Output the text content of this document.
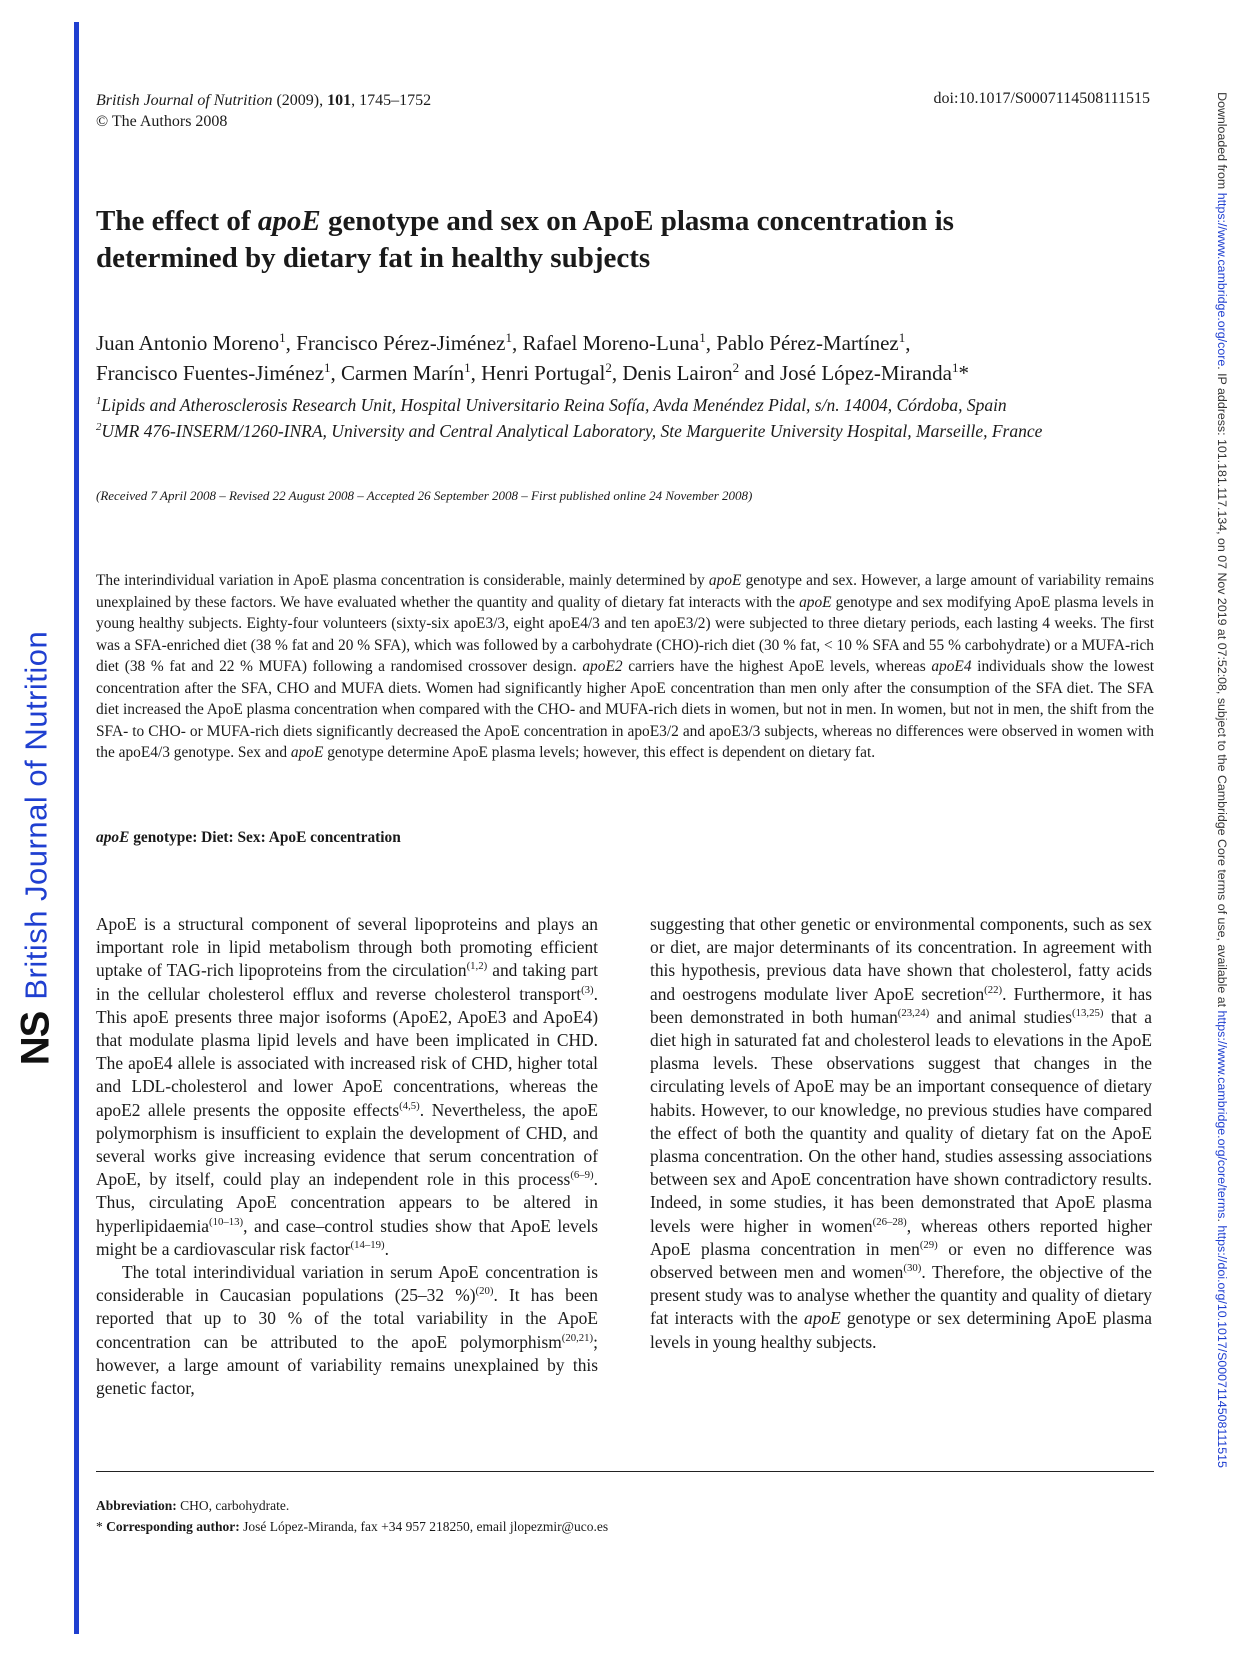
NS
British Journal of Nutrition
Downloaded from https://www.cambridge.org/core. IP address: 101.181.117.134, on 07 Nov 2019 at 07:52:08, subject to the Cambridge Core terms of use, available at https://www.cambridge.org/core/terms. https://doi.org/10.1017/S0007114508111515
British Journal of Nutrition (2009), 101, 1745–1752
© The Authors 2008
doi:10.1017/S0007114508111515
The effect of apoE genotype and sex on ApoE plasma concentration is determined by dietary fat in healthy subjects
Juan Antonio Moreno$^1$, Francisco Pérez-Jiménez$^1$, Rafael Moreno-Luna$^1$, Pablo Pérez-Martínez$^1$,
Francisco Fuentes-Jiménez$^1$, Carmen Marín$^1$, Henri Portugal$^2$, Denis Lairon$^2$ and José López-Miranda$^1$*
$^1$Lipids and Atherosclerosis Research Unit, Hospital Universitario Reina Sofía, Avda Menéndez Pidal, s/n. 14004, Córdoba, Spain
$^2$UMR 476-INSERM/1260-INRA, University and Central Analytical Laboratory, Ste Marguerite University Hospital, Marseille, France
(Received 7 April 2008 – Revised 22 August 2008 – Accepted 26 September 2008 – First published online 24 November 2008)
The interindividual variation in ApoE plasma concentration is considerable, mainly determined by apoE genotype and sex. However, a large amount of variability remains unexplained by these factors. We have evaluated whether the quantity and quality of dietary fat interacts with the apoE genotype and sex modifying ApoE plasma levels in young healthy subjects. Eighty-four volunteers (sixty-six apoE3/3, eight apoE4/3 and ten apoE3/2) were subjected to three dietary periods, each lasting 4 weeks. The first was a SFA-enriched diet (38 % fat and 20 % SFA), which was followed by a carbohydrate (CHO)-rich diet (30 % fat, < 10 % SFA and 55 % carbohydrate) or a MUFA-rich diet (38 % fat and 22 % MUFA) following a randomised crossover design. apoE2 carriers have the highest ApoE levels, whereas apoE4 individuals show the lowest concentration after the SFA, CHO and MUFA diets. Women had significantly higher ApoE concentration than men only after the consumption of the SFA diet. The SFA diet increased the ApoE plasma concentration when compared with the CHO- and MUFA-rich diets in women, but not in men. In women, but not in men, the shift from the SFA- to CHO- or MUFA-rich diets significantly decreased the ApoE concentration in apoE3/2 and apoE3/3 subjects, whereas no differences were observed in women with the apoE4/3 genotype. Sex and apoE genotype determine ApoE plasma levels; however, this effect is dependent on dietary fat.
apoE genotype: Diet: Sex: ApoE concentration

ApoE is a structural component of several lipoproteins and plays an important role in lipid metabolism through both promoting efficient uptake of TAG-rich lipoproteins from the circulation$^{(1,2)}$ and taking part in the cellular cholesterol efflux and reverse cholesterol transport$^{(3)}$. This apoE presents three major isoforms (ApoE2, ApoE3 and ApoE4) that modulate plasma lipid levels and have been implicated in CHD. The apoE4 allele is associated with increased risk of CHD, higher total and LDL-cholesterol and lower ApoE concentrations, whereas the apoE2 allele presents the opposite effects$^{(4,5)}$. Nevertheless, the apoE polymorphism is insufficient to explain the development of CHD, and several works give increasing evidence that serum concentration of ApoE, by itself, could play an independent role in this process$^{(6-9)}$. Thus, circulating ApoE concentration appears to be altered in hyperlipidaemia$^{(10-13)}$, and case–control studies show that ApoE levels might be a cardiovascular risk factor$^{(14-19)}$.

The total interindividual variation in serum ApoE concentration is considerable in Caucasian populations (25–32 %)$^{(20)}$. It has been reported that up to 30 % of the total variability in the ApoE concentration can be attributed to the apoE polymorphism$^{(20,21)}$; however, a large amount of variability remains unexplained by this genetic factor,

suggesting that other genetic or environmental components, such as sex or diet, are major determinants of its concentration. In agreement with this hypothesis, previous data have shown that cholesterol, fatty acids and oestrogens modulate liver ApoE secretion$^{(22)}$. Furthermore, it has been demonstrated in both human$^{(23,24)}$ and animal studies$^{(13,25)}$ that a diet high in saturated fat and cholesterol leads to elevations in the ApoE plasma levels. These observations suggest that changes in the circulating levels of ApoE may be an important consequence of dietary habits. However, to our knowledge, no previous studies have compared the effect of both the quantity and quality of dietary fat on the ApoE plasma concentration. On the other hand, studies assessing associations between sex and ApoE concentration have shown contradictory results. Indeed, in some studies, it has been demonstrated that ApoE plasma levels were higher in women$^{(26-28)}$, whereas others reported higher ApoE plasma concentration in men$^{(29)}$ or even no difference was observed between men and women$^{(30)}$. Therefore, the objective of the present study was to analyse whether the quantity and quality of dietary fat interacts with the apoE genotype or sex determining ApoE plasma levels in young healthy subjects.

Abbreviation: CHO, carbohydrate.
* Corresponding author: José López-Miranda, fax +34 957 218250, email jlopezmir@uco.es
